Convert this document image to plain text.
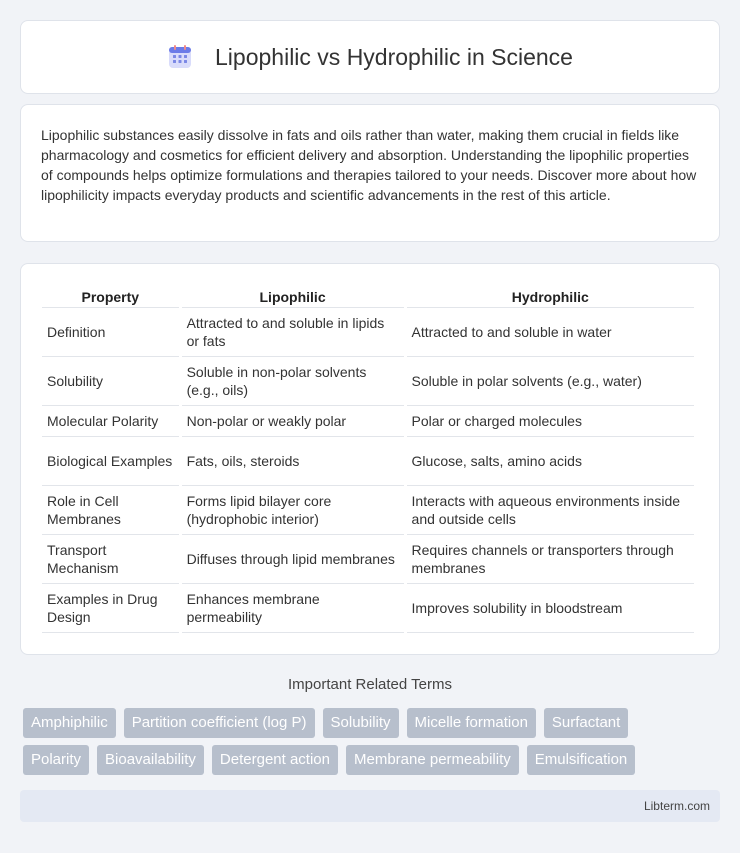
Lipophilic vs Hydrophilic in Science

Lipophilic substances easily dissolve in fats and oils rather than water, making them crucial in fields like pharmacology and cosmetics for efficient delivery and absorption. Understanding the lipophilic properties of compounds helps optimize formulations and therapies tailored to your needs. Discover more about how lipophilicity impacts everyday products and scientific advancements in the rest of this article.

Property	Lipophilic	Hydrophilic
Definition	Attracted to and soluble in lipids or fats	Attracted to and soluble in water
Solubility	Soluble in non-polar solvents (e.g., oils)	Soluble in polar solvents (e.g., water)
Molecular Polarity	Non-polar or weakly polar	Polar or charged molecules
Biological Examples	Fats, oils, steroids	Glucose, salts, amino acids
Role in Cell Membranes	Forms lipid bilayer core (hydrophobic interior)	Interacts with aqueous environments inside and outside cells
Transport Mechanism	Diffuses through lipid membranes	Requires channels or transporters through membranes
Examples in Drug Design	Enhances membrane permeability	Improves solubility in bloodstream
Important Related Terms
Amphiphilic	Partition coefficient (log P)	Solubility	Micelle formation	Surfactant
Polarity	Bioavailability	Detergent action	Membrane permeability	Emulsification
Libterm.com
